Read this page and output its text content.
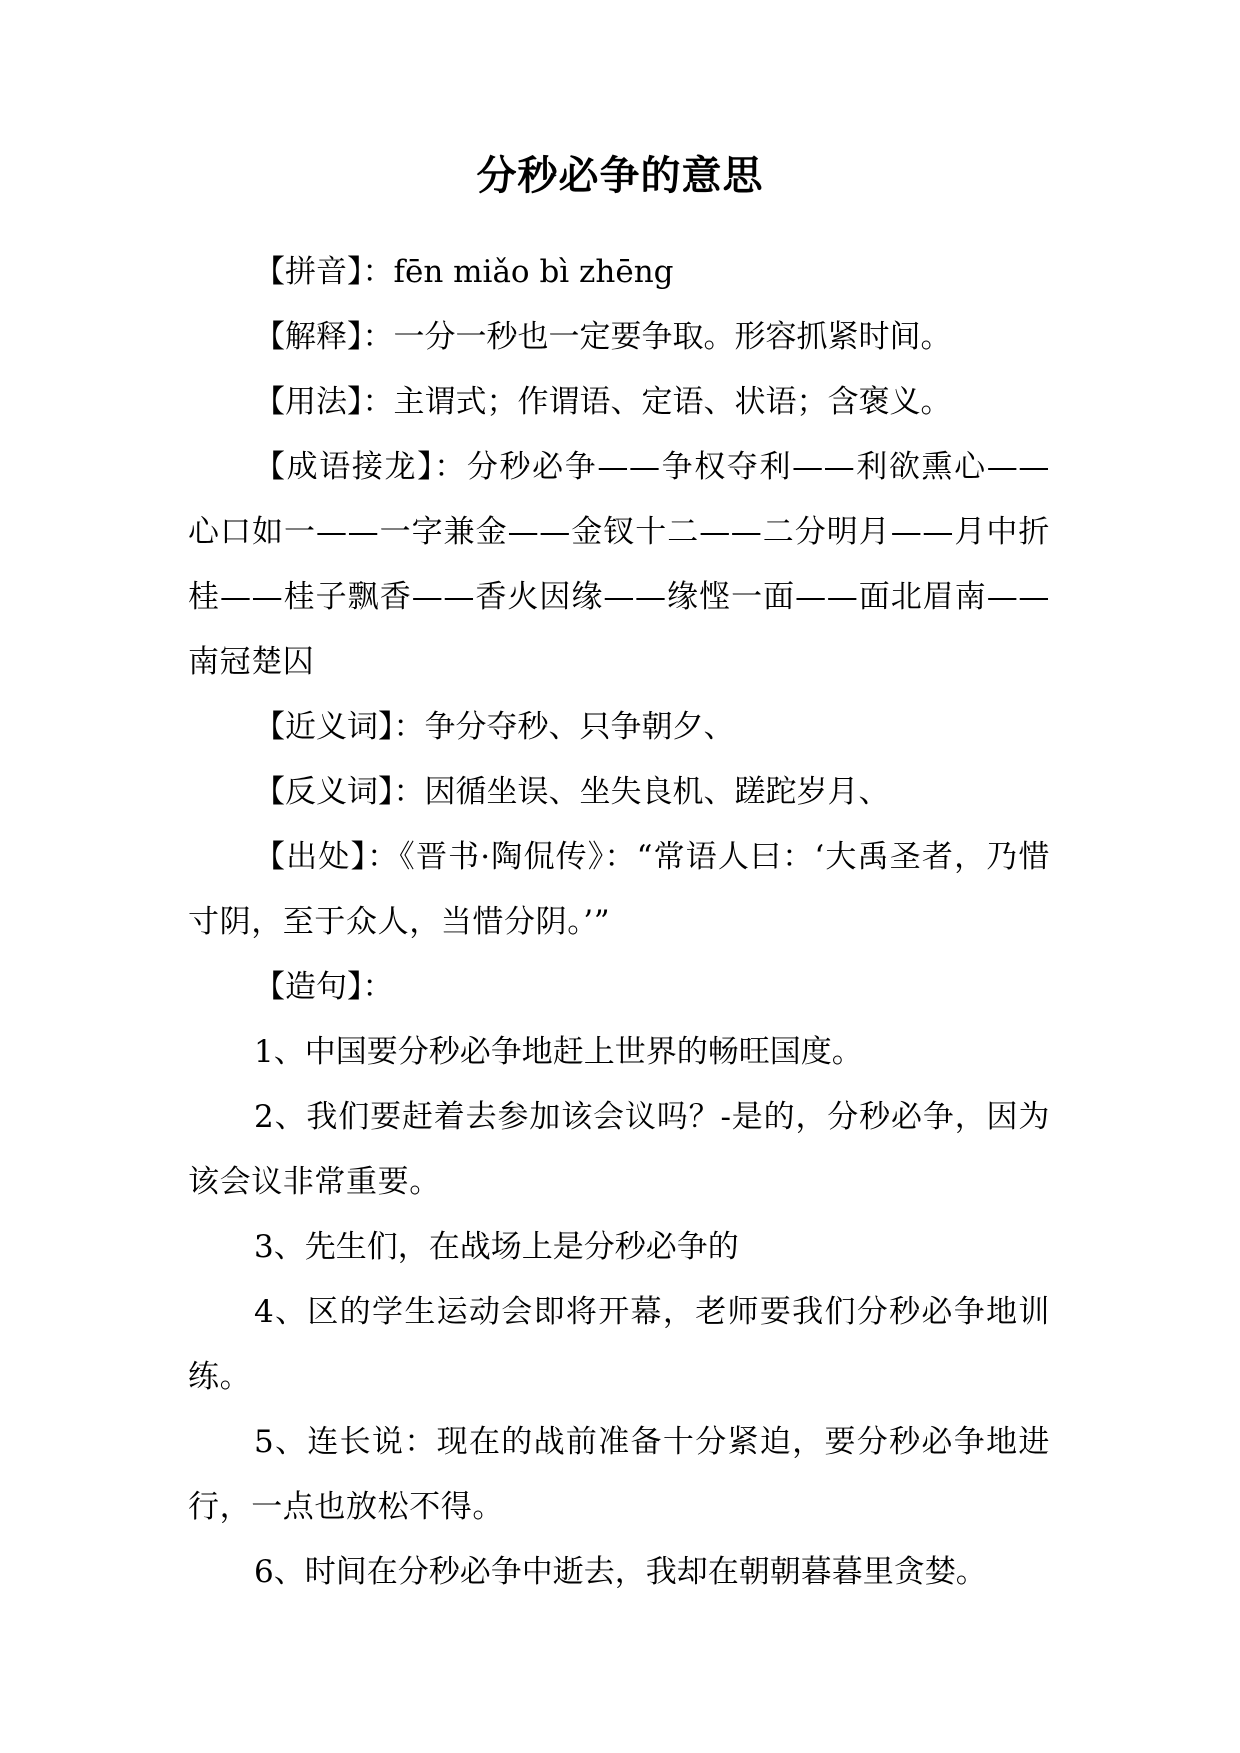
分秒必争的意思

【拼音】：fēn miǎo bì zhēng

【解释】：一分一秒也一定要争取。形容抓紧时间。

【用法】：主谓式；作谓语、定语、状语；含褒义。

【成语接龙】：分秒必争——争权夺利——利欲熏心——心口如一——一字兼金——金钗十二——二分明月——月中折桂——桂子飘香——香火因缘——缘悭一面——面北眉南——南冠楚囚

【近义词】：争分夺秒、只争朝夕、

【反义词】：因循坐误、坐失良机、蹉跎岁月、

【出处】：《晋书·陶侃传》：“常语人曰：‘大禹圣者，乃惜寸阴，至于众人，当惜分阴。’”

【造句】：

1、中国要分秒必争地赶上世界的畅旺国度。

2、我们要赶着去参加该会议吗？-是的，分秒必争，因为该会议非常重要。

3、先生们，在战场上是分秒必争的

4、区的学生运动会即将开幕，老师要我们分秒必争地训练。

5、连长说：现在的战前准备十分紧迫，要分秒必争地进行，一点也放松不得。

6、时间在分秒必争中逝去，我却在朝朝暮暮里贪婪。
